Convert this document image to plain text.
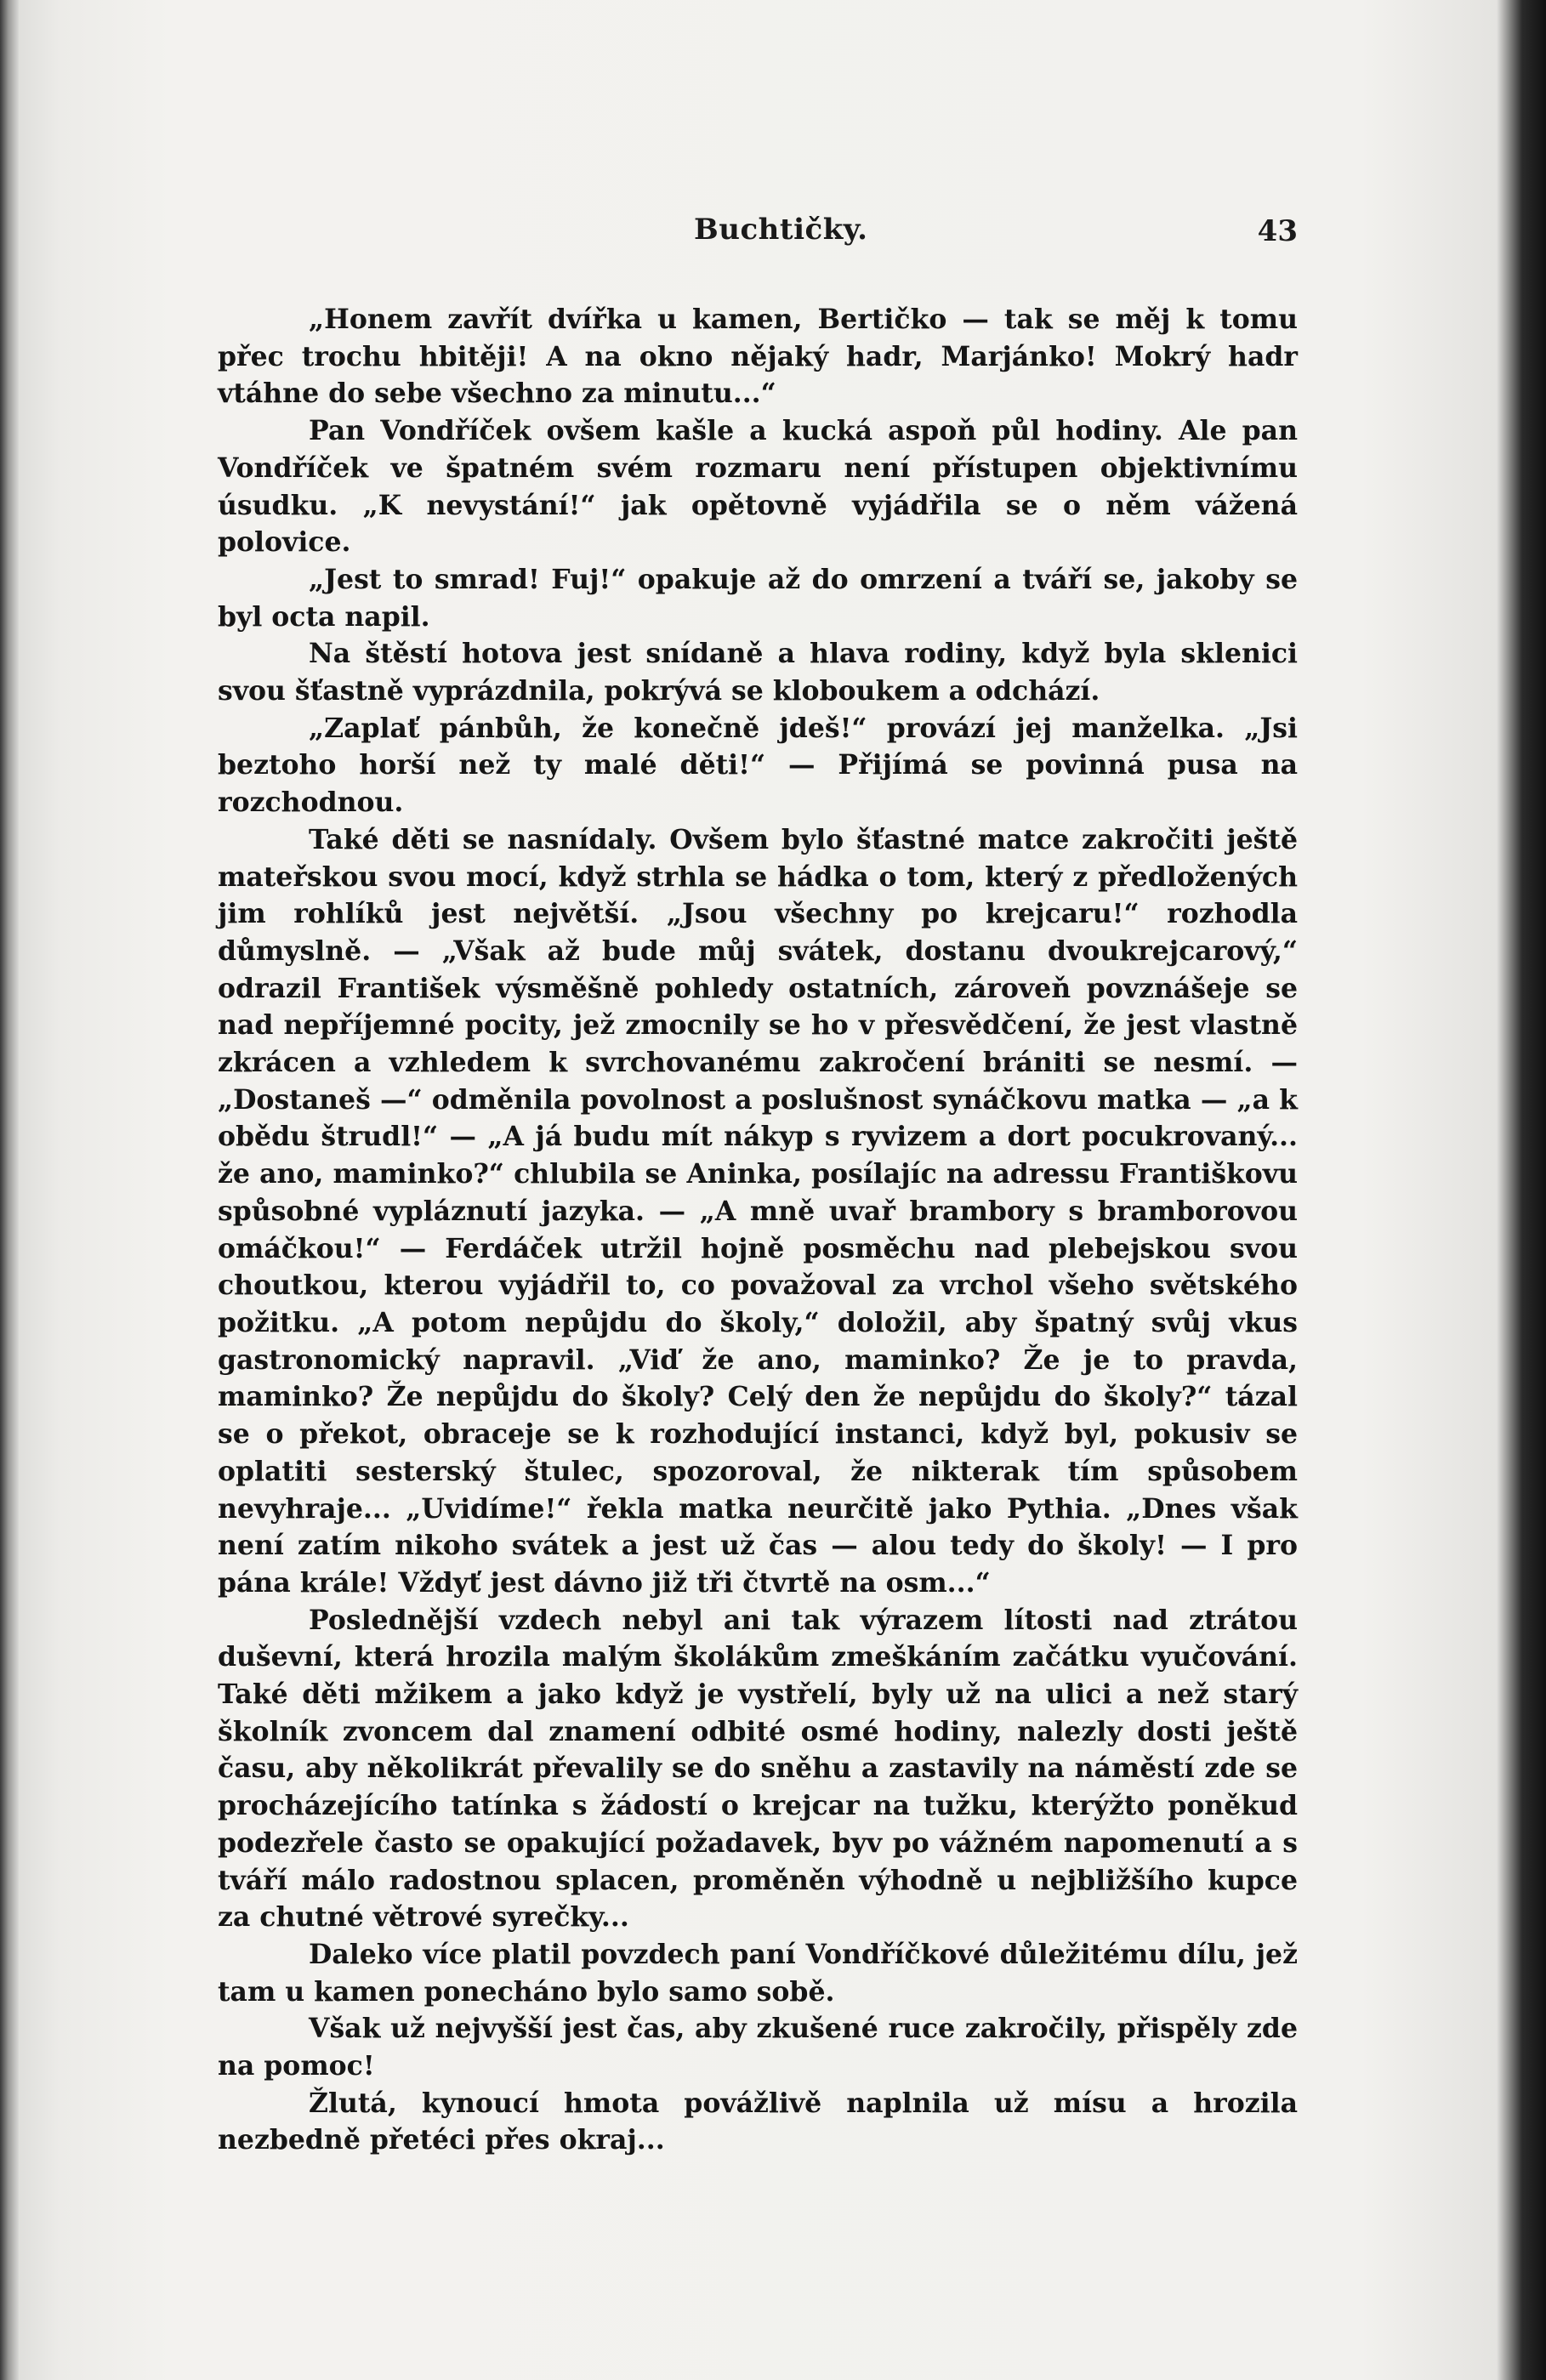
Buchtičky.	43

„Honem zavřít dvířka u kamen, Bertičko — tak se měj k tomu přec trochu hbitěji! A na okno nějaký hadr, Marjánko! Mokrý hadr vtáhne do sebe všechno za minutu...“

Pan Vondříček ovšem kašle a kucká aspoň půl hodiny. Ale pan Vondříček ve špatném svém rozmaru není přístupen objektivnímu úsudku. „K nevystání!“ jak opětovně vyjádřila se o něm vážená polovice.

„Jest to smrad! Fuj!“ opakuje až do omrzení a tváří se, jakoby se byl octa napil.

Na štěstí hotova jest snídaně a hlava rodiny, když byla sklenici svou šťastně vyprázdnila, pokrývá se kloboukem a odchází.

„Zaplať pánbůh, že konečně jdeš!“ provází jej manželka. „Jsi beztoho horší než ty malé děti!“ — Přijímá se povinná pusa na rozchodnou.

Také děti se nasnídaly. Ovšem bylo šťastné matce zakročiti ještě mateřskou svou mocí, když strhla se hádka o tom, který z předložených jim rohlíků jest největší. „Jsou všechny po krejcaru!“ rozhodla důmyslně. — „Však až bude můj svátek, dostanu dvoukrejcarový,“ odrazil František výsměšně pohledy ostatních, zároveň povznášeje se nad nepříjemné pocity, jež zmocnily se ho v přesvědčení, že jest vlastně zkrácen a vzhledem k svrchovanému zakročení brániti se nesmí. — „Dostaneš —“ odměnila povolnost a poslušnost synáčkovu matka — „a k obědu štrudl!“ — „A já budu mít nákyp s ryvizem a dort pocukrovaný... že ano, maminko?“ chlubila se Aninka, posílajíc na adressu Františkovu spůsobné vypláznutí jazyka. — „A mně uvař brambory s bramborovou omáčkou!“ — Ferdáček utržil hojně posměchu nad plebejskou svou choutkou, kterou vyjádřil to, co považoval za vrchol všeho světského požitku. „A potom nepůjdu do školy,“ doložil, aby špatný svůj vkus gastronomický napravil. „Viď že ano, maminko? Že je to pravda, maminko? Že nepůjdu do školy? Celý den že nepůjdu do školy?“ tázal se o překot, obraceje se k rozhodující instanci, když byl, pokusiv se oplatiti sesterský štulec, spozoroval, že nikterak tím spůsobem nevyhraje... „Uvidíme!“ řekla matka neurčitě jako Pythia. „Dnes však není zatím nikoho svátek a jest už čas — alou tedy do školy! — I pro pána krále! Vždyť jest dávno již tři čtvrtě na osm...“

Poslednější vzdech nebyl ani tak výrazem lítosti nad ztrátou duševní, která hrozila malým školákům zmeškáním začátku vyučování. Také děti mžikem a jako když je vystřelí, byly už na ulici a než starý školník zvoncem dal znamení odbité osmé hodiny, nalezly dosti ještě času, aby několikrát převalily se do sněhu a zastavily na náměstí zde se procházejícího tatínka s žádostí o krejcar na tužku, kterýžto poněkud podezřele často se opakující požadavek, byv po vážném napomenutí a s tváří málo radostnou splacen, proměněn výhodně u nejbližšího kupce za chutné větrové syrečky...

Daleko více platil povzdech paní Vondříčkové důležitému dílu, jež tam u kamen ponecháno bylo samo sobě.

Však už nejvyšší jest čas, aby zkušené ruce zakročily, přispěly zde na pomoc!

Žlutá, kynoucí hmota povážlivě naplnila už mísu a hrozila nezbedně přetéci přes okraj...
